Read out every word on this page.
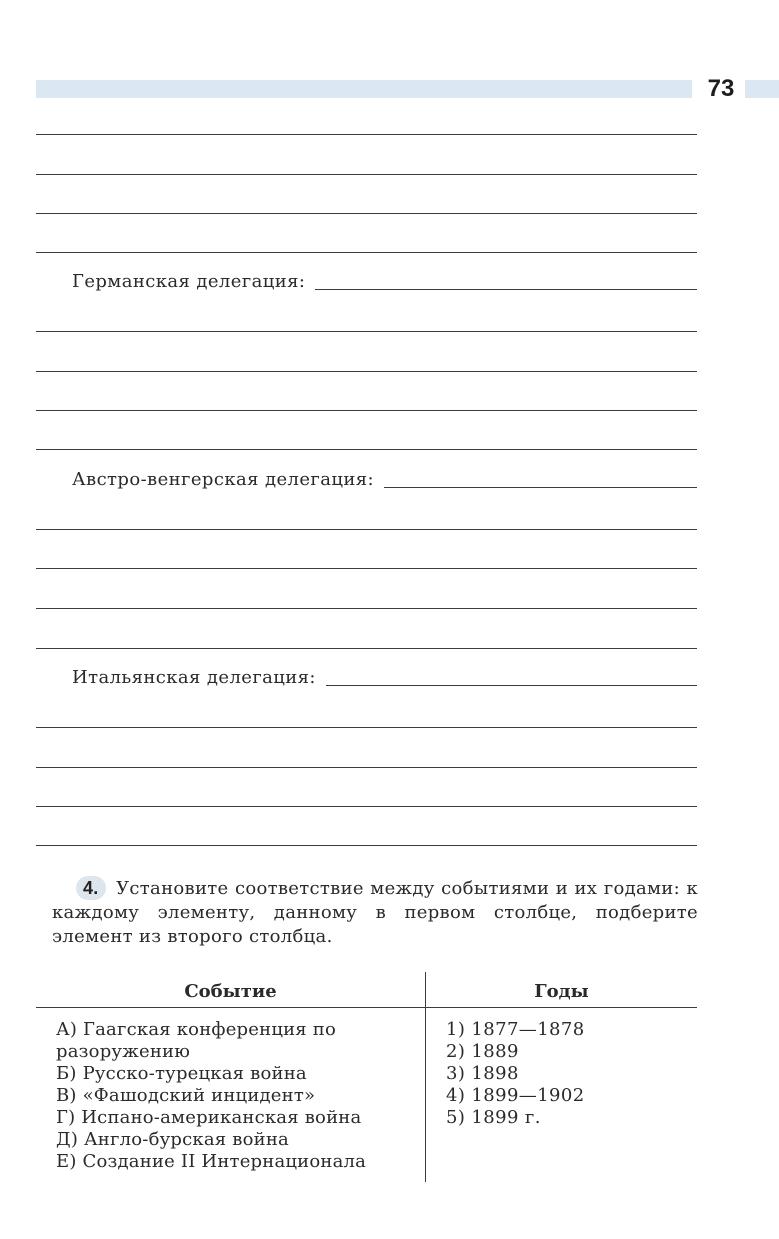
73
Германская делегация:
Австро-венгерская делегация:
Итальянская делегация:
4. Установите соответствие между событиями и их годами: к каждому элементу, данному в первом столбце, подберите элемент из второго столбца.
Событие	Годы
А) Гаагская конференция по
разоружению
Б) Русско-турецкая война
В) «Фашодский инцидент»
Г) Испано-американская война
Д) Англо-бурская война
Е) Создание II Интернационала
1) 1877—1878
2) 1889
3) 1898
4) 1899—1902
5) 1899 г.
